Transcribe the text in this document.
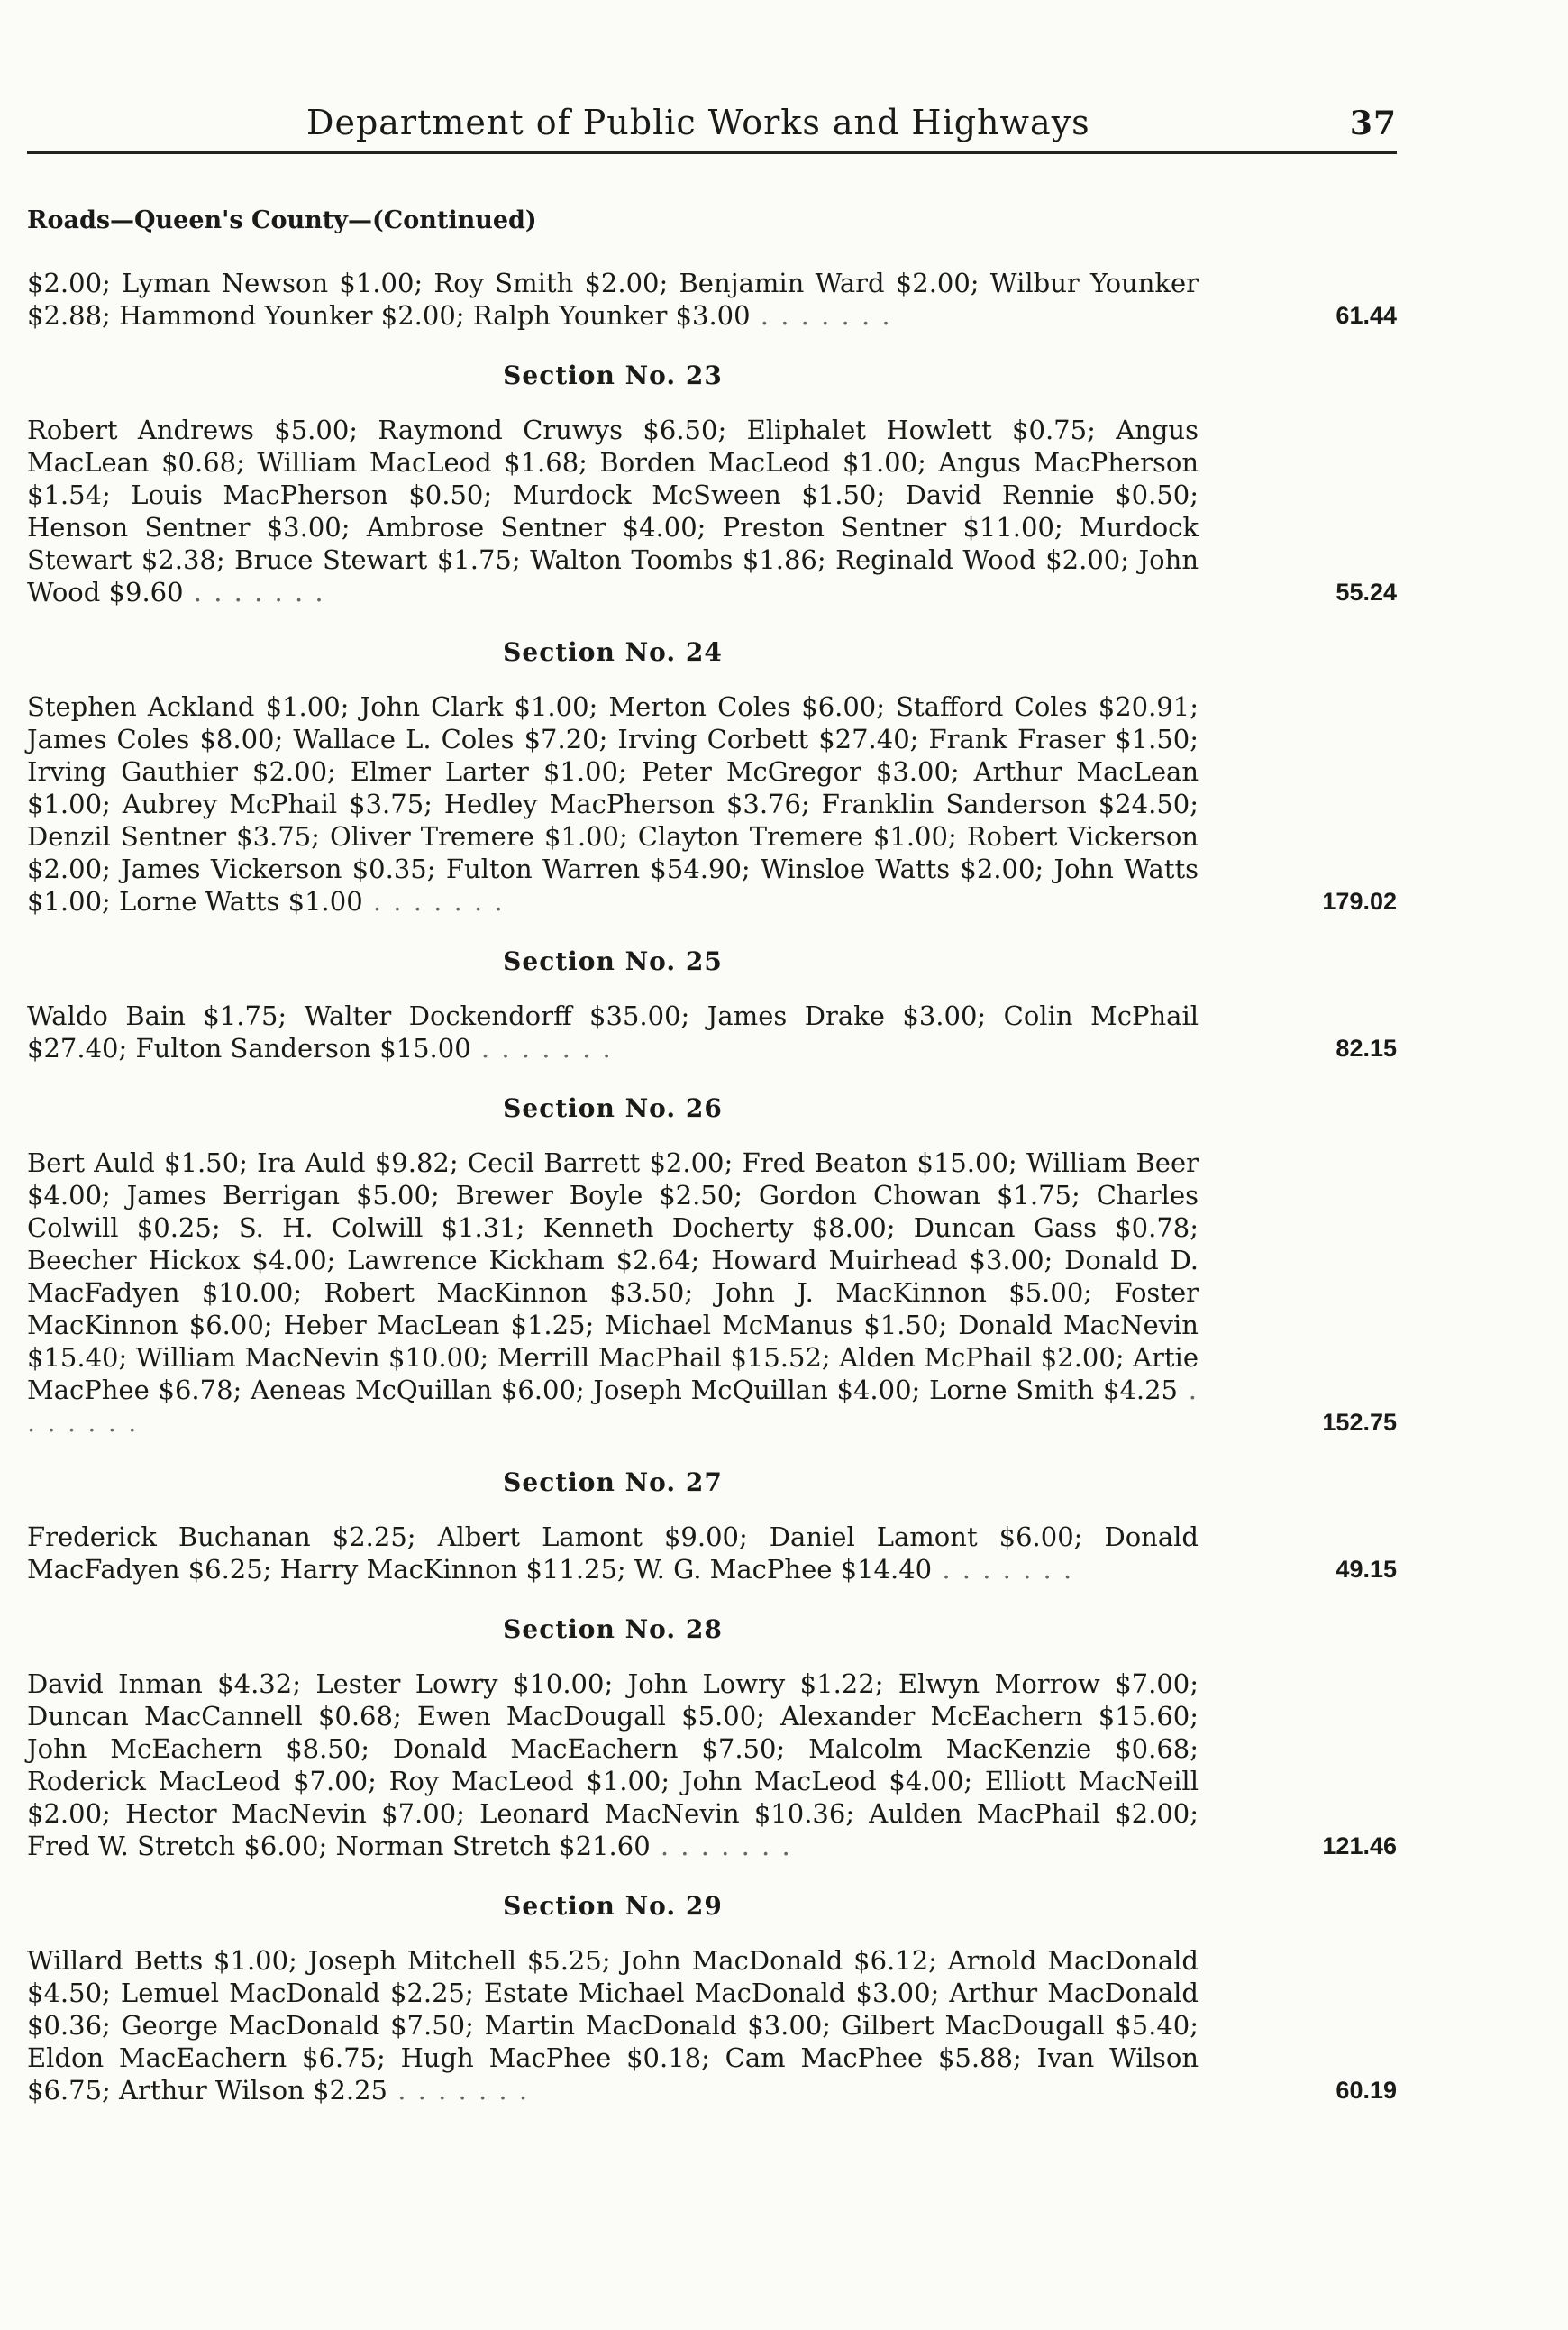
Department of Public Works and Highways	37
Roads—Queen's County—(Continued)
$2.00; Lyman Newson $1.00; Roy Smith $2.00; Benjamin Ward $2.00; Wilbur Younker $2.88; Hammond Younker $2.00; Ralph Younker $3.00 . . . . . . .	61.44
Section No. 23
Robert Andrews $5.00; Raymond Cruwys $6.50; Eliphalet Howlett $0.75; Angus MacLean $0.68; William MacLeod $1.68; Borden MacLeod $1.00; Angus MacPherson $1.54; Louis MacPherson $0.50; Murdock McSween $1.50; David Rennie $0.50; Henson Sentner $3.00; Ambrose Sentner $4.00; Preston Sentner $11.00; Murdock Stewart $2.38; Bruce Stewart $1.75; Walton Toombs $1.86; Reginald Wood $2.00; John Wood $9.60 . . . . . . .	55.24
Section No. 24
Stephen Ackland $1.00; John Clark $1.00; Merton Coles $6.00; Stafford Coles $20.91; James Coles $8.00; Wallace L. Coles $7.20; Irving Corbett $27.40; Frank Fraser $1.50; Irving Gauthier $2.00; Elmer Larter $1.00; Peter McGregor $3.00; Arthur MacLean $1.00; Aubrey McPhail $3.75; Hedley MacPherson $3.76; Franklin Sanderson $24.50; Denzil Sentner $3.75; Oliver Tremere $1.00; Clayton Tremere $1.00; Robert Vickerson $2.00; James Vickerson $0.35; Fulton Warren $54.90; Winsloe Watts $2.00; John Watts $1.00; Lorne Watts $1.00 . . . . . . .	179.02
Section No. 25
Waldo Bain $1.75; Walter Dockendorff $35.00; James Drake $3.00; Colin McPhail $27.40; Fulton Sanderson $15.00 . . . . . . .	82.15
Section No. 26
Bert Auld $1.50; Ira Auld $9.82; Cecil Barrett $2.00; Fred Beaton $15.00; William Beer $4.00; James Berrigan $5.00; Brewer Boyle $2.50; Gordon Chowan $1.75; Charles Colwill $0.25; S. H. Colwill $1.31; Kenneth Docherty $8.00; Duncan Gass $0.78; Beecher Hickox $4.00; Lawrence Kickham $2.64; Howard Muirhead $3.00; Donald D. MacFadyen $10.00; Robert MacKinnon $3.50; John J. MacKinnon $5.00; Foster MacKinnon $6.00; Heber MacLean $1.25; Michael McManus $1.50; Donald MacNevin $15.40; William MacNevin $10.00; Merrill MacPhail $15.52; Alden McPhail $2.00; Artie MacPhee $6.78; Aeneas McQuillan $6.00; Joseph McQuillan $4.00; Lorne Smith $4.25 . . . . . . .	152.75
Section No. 27
Frederick Buchanan $2.25; Albert Lamont $9.00; Daniel Lamont $6.00; Donald MacFadyen $6.25; Harry MacKinnon $11.25; W. G. MacPhee $14.40 . . . . . . .	49.15
Section No. 28
David Inman $4.32; Lester Lowry $10.00; John Lowry $1.22; Elwyn Morrow $7.00; Duncan MacCannell $0.68; Ewen MacDougall $5.00; Alexander McEachern $15.60; John McEachern $8.50; Donald MacEachern $7.50; Malcolm MacKenzie $0.68; Roderick MacLeod $7.00; Roy MacLeod $1.00; John MacLeod $4.00; Elliott MacNeill $2.00; Hector MacNevin $7.00; Leonard MacNevin $10.36; Aulden MacPhail $2.00; Fred W. Stretch $6.00; Norman Stretch $21.60 . . . . . . .	121.46
Section No. 29
Willard Betts $1.00; Joseph Mitchell $5.25; John MacDonald $6.12; Arnold MacDonald $4.50; Lemuel MacDonald $2.25; Estate Michael MacDonald $3.00; Arthur MacDonald $0.36; George MacDonald $7.50; Martin MacDonald $3.00; Gilbert MacDougall $5.40; Eldon MacEachern $6.75; Hugh MacPhee $0.18; Cam MacPhee $5.88; Ivan Wilson $6.75; Arthur Wilson $2.25 . . . . . . .	60.19
